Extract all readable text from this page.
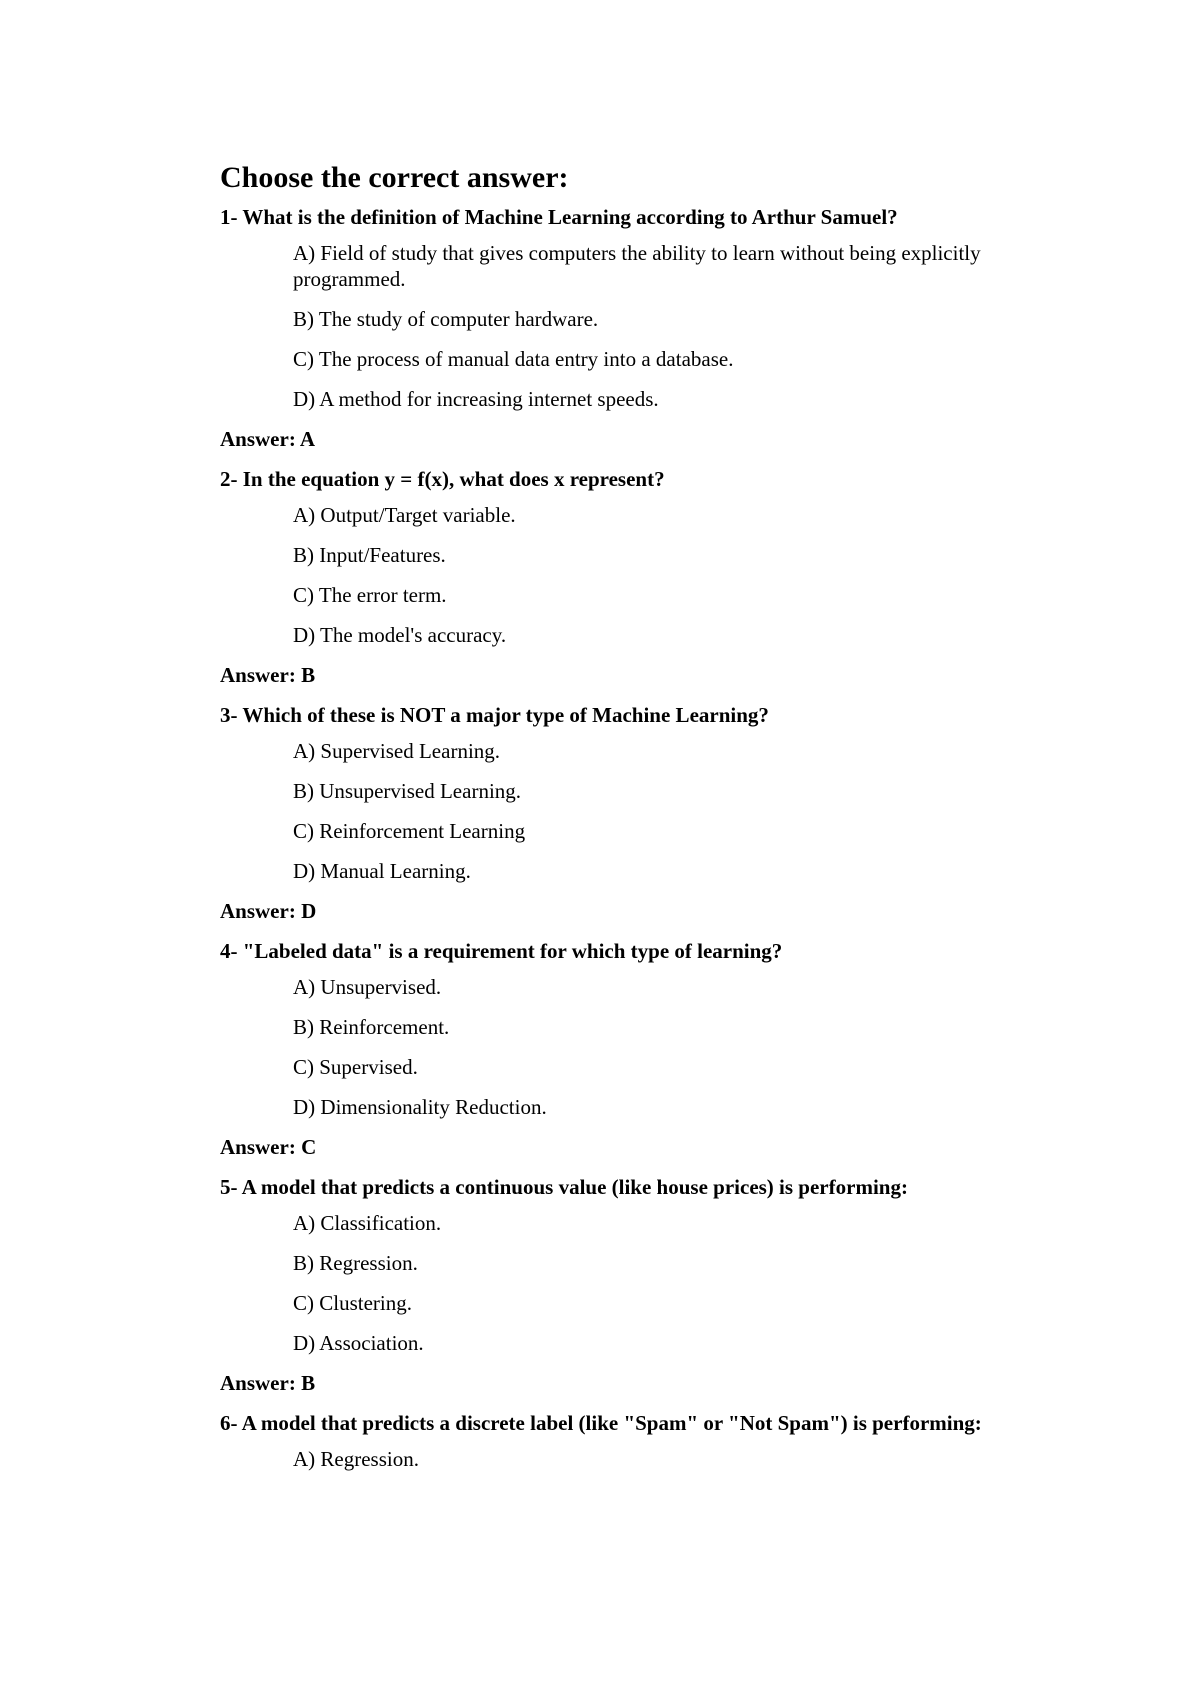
Choose the correct answer:
1- What is the definition of Machine Learning according to Arthur Samuel?
A) Field of study that gives computers the ability to learn without being explicitly programmed.
B) The study of computer hardware.
C) The process of manual data entry into a database.
D) A method for increasing internet speeds.
Answer: A
2- In the equation y = f(x), what does x represent?
A) Output/Target variable.
B) Input/Features.
C) The error term.
D) The model's accuracy.
Answer: B
3- Which of these is NOT a major type of Machine Learning?
A) Supervised Learning.
B) Unsupervised Learning.
C) Reinforcement Learning
D) Manual Learning.
Answer: D
4- "Labeled data" is a requirement for which type of learning?
A) Unsupervised.
B) Reinforcement.
C) Supervised.
D) Dimensionality Reduction.
Answer: C
5- A model that predicts a continuous value (like house prices) is performing:
A) Classification.
B) Regression.
C) Clustering.
D) Association.
Answer: B
6- A model that predicts a discrete label (like "Spam" or "Not Spam") is performing:
A) Regression.
